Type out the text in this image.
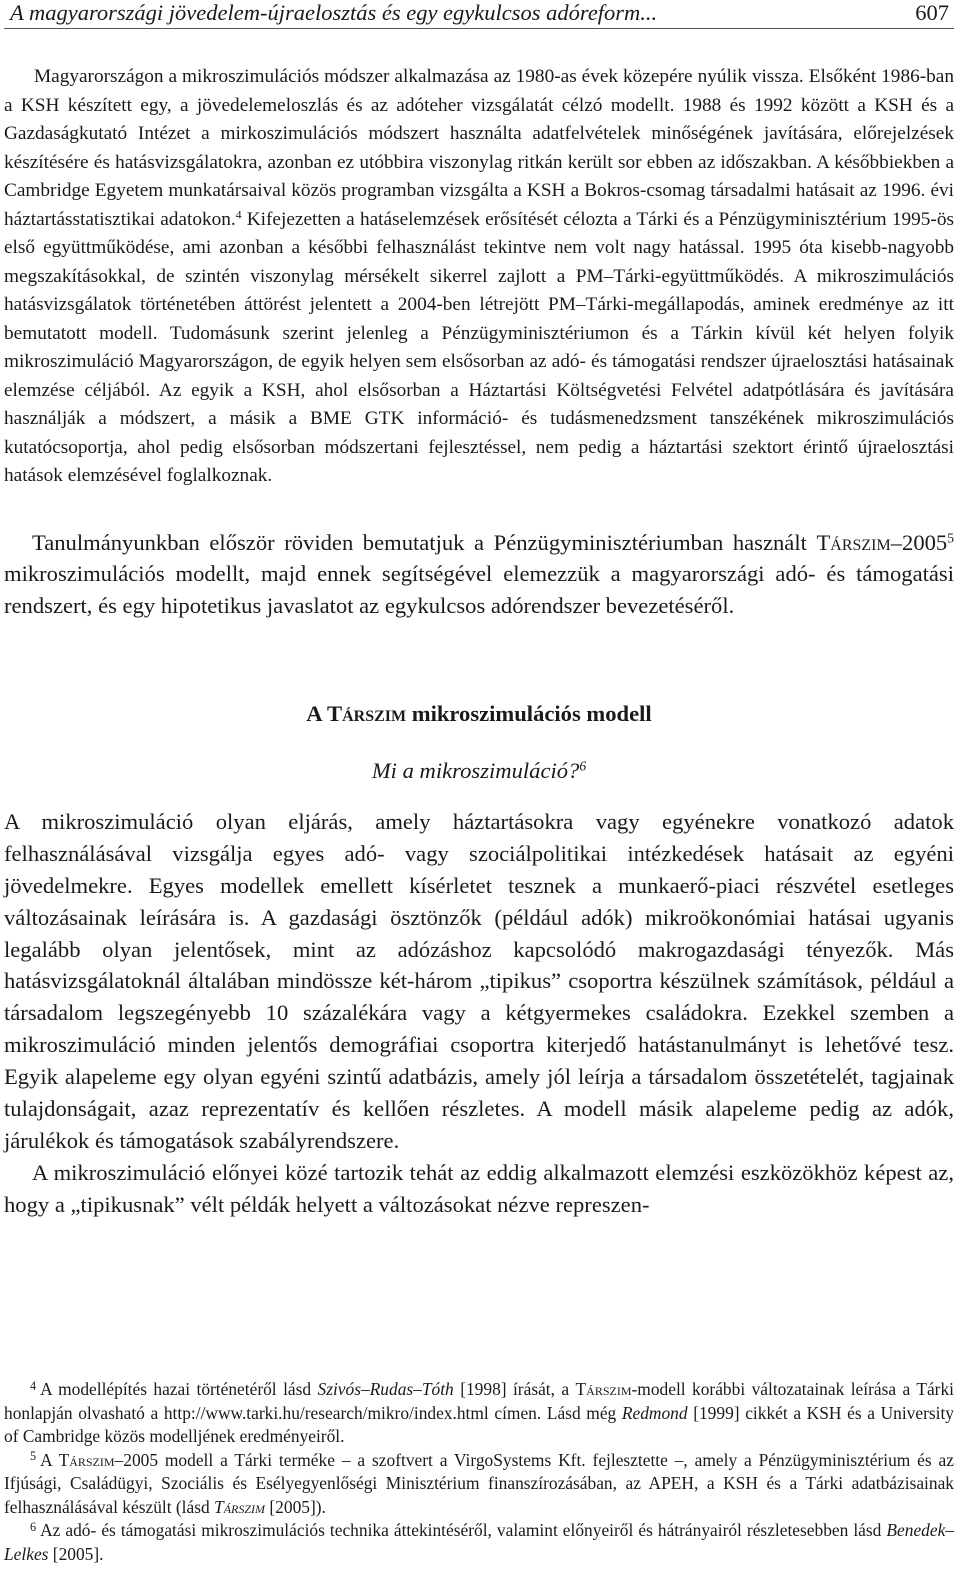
A magyarországi jövedelem-újraelosztás és egy egykulcsos adóreform...	607

Magyarországon a mikroszimulációs módszer alkalmazása az 1980-as évek közepére nyúlik vissza. Elsőként 1986-ban a KSH készített egy, a jövedelemeloszlás és az adóteher vizsgálatát célzó modellt. 1988 és 1992 között a KSH és a Gazdaságkutató Intézet a mirkoszimulációs módszert használta adatfelvételek minőségének javítására, előrejelzések készítésére és hatásvizsgálatokra, azonban ez utóbbira viszonylag ritkán került sor ebben az időszakban. A későbbiekben a Cambridge Egyetem munkatársaival közös programban vizsgálta a KSH a Bokros-csomag társadalmi hatásait az 1996. évi háztartásstatisztikai adatokon.$^4$ Kifejezetten a hatáselemzések erősítését célozta a Tárki és a Pénzügyminisztérium 1995-ös első együttműködése, ami azonban a későbbi felhasználást tekintve nem volt nagy hatással. 1995 óta kisebb-nagyobb megszakításokkal, de szintén viszonylag mérsékelt sikerrel zajlott a PM–Tárki-együttműködés. A mikroszimulációs hatásvizsgálatok történetében áttörést jelentett a 2004-ben létrejött PM–Tárki-megállapodás, aminek eredménye az itt bemutatott modell. Tudomásunk szerint jelenleg a Pénzügyminisztériumon és a Tárkin kívül két helyen folyik mikroszimuláció Magyarországon, de egyik helyen sem elsősorban az adó- és támogatási rendszer újraelosztási hatásainak elemzése céljából. Az egyik a KSH, ahol elsősorban a Háztartási Költségvetési Felvétel adatpótlására és javítására használják a módszert, a másik a BME GTK információ- és tudásmenedzsment tanszékének mikroszimulációs kutatócsoportja, ahol pedig elsősorban módszertani fejlesztéssel, nem pedig a háztartási szektort érintő újraelosztási hatások elemzésével foglalkoznak.

Tanulmányunkban először röviden bemutatjuk a Pénzügyminisztériumban használt Társzim–2005$^5$ mikroszimulációs modellt, majd ennek segítségével elemezzük a magyarországi adó- és támogatási rendszert, és egy hipotetikus javaslatot az egykulcsos adórendszer bevezetéséről.

A Társzim mikroszimulációs modell
Mi a mikroszimuláció?$^6$

A mikroszimuláció olyan eljárás, amely háztartásokra vagy egyénekre vonatkozó adatok felhasználásával vizsgálja egyes adó- vagy szociálpolitikai intézkedések hatásait az egyéni jövedelmekre. Egyes modellek emellett kísérletet tesznek a munkaerő-piaci részvétel esetleges változásainak leírására is. A gazdasági ösztönzők (például adók) mikroökonómiai hatásai ugyanis legalább olyan jelentősek, mint az adózáshoz kapcsolódó makrogazdasági tényezők. Más hatásvizsgálatoknál általában mindössze két-három „tipikus” csoportra készülnek számítások, például a társadalom legszegényebb 10 százalékára vagy a kétgyermekes családokra. Ezekkel szemben a mikroszimuláció minden jelentős demográfiai csoportra kiterjedő hatástanulmányt is lehetővé tesz. Egyik alapeleme egy olyan egyéni szintű adatbázis, amely jól leírja a társadalom összetételét, tagjainak tulajdonságait, azaz reprezentatív és kellően részletes. A modell másik alapeleme pedig az adók, járulékok és támogatások szabályrendszere.

A mikroszimuláció előnyei közé tartozik tehát az eddig alkalmazott elemzési eszközökhöz képest az, hogy a „tipikusnak” vélt példák helyett a változásokat nézve represzen-

$^4$ A modellépítés hazai történetéről lásd Szivós–Rudas–Tóth [1998] írását, a Társzim-modell korábbi változatainak leírása a Tárki honlapján olvasható a http://www.tarki.hu/research/mikro/index.html címen. Lásd még Redmond [1999] cikkét a KSH és a University of Cambridge közös modelljének eredményeiről.

$^5$ A Társzim–2005 modell a Tárki terméke – a szoftvert a VirgoSystems Kft. fejlesztette –, amely a Pénzügyminisztérium és az Ifjúsági, Családügyi, Szociális és Esélyegyenlőségi Minisztérium finanszírozásában, az APEH, a KSH és a Tárki adatbázisainak felhasználásával készült (lásd Társzim [2005]).

$^6$ Az adó- és támogatási mikroszimulációs technika áttekintéséről, valamint előnyeiről és hátrányairól részletesebben lásd Benedek–Lelkes [2005].
